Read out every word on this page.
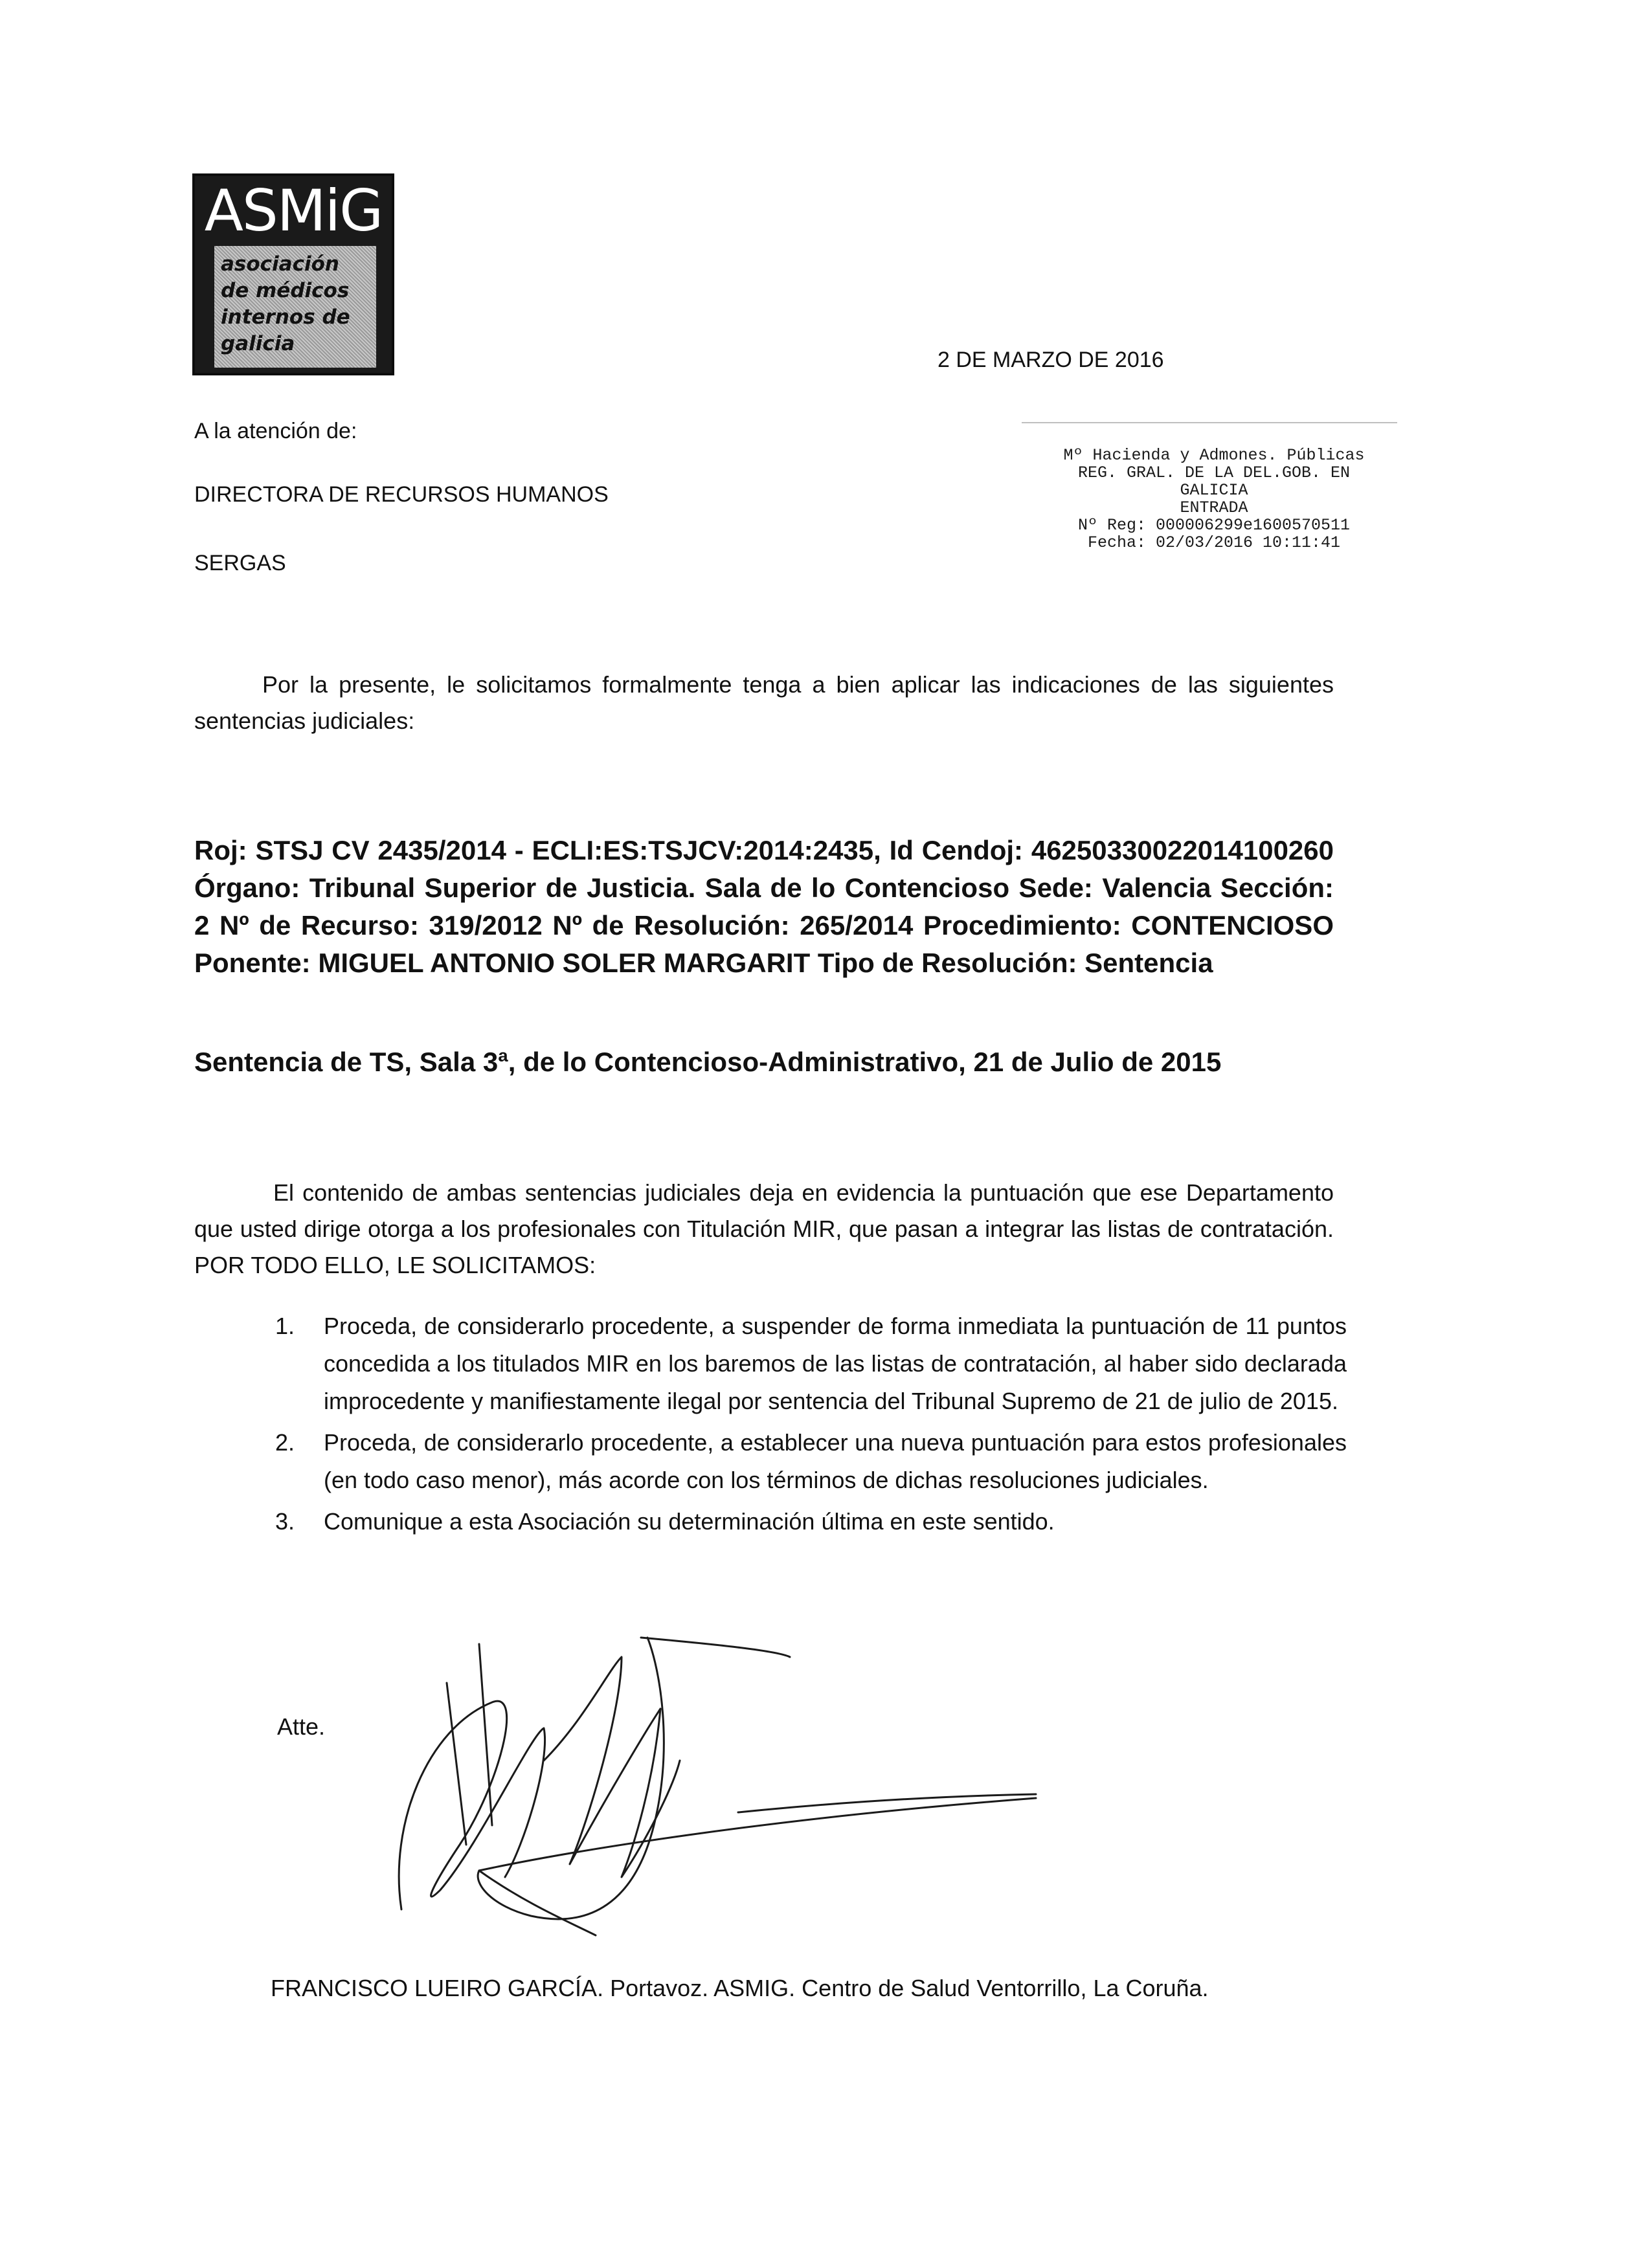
ASMiG
asociación
de médicos
internos de
galicia
2 DE MARZO DE 2016
A la atención de:
DIRECTORA DE RECURSOS HUMANOS
SERGAS
Mº Hacienda y Admones. Públicas
REG. GRAL. DE LA DEL.GOB. EN
GALICIA
ENTRADA
Nº Reg: 000006299e1600570511
Fecha: 02/03/2016 10:11:41
Por la presente, le solicitamos formalmente tenga a bien aplicar las indicaciones de las siguientes sentencias judiciales:
Roj: STSJ CV 2435/2014 - ECLI:ES:TSJCV:2014:2435, Id Cendoj: 46250330022014100260 Órgano: Tribunal Superior de Justicia. Sala de lo Contencioso Sede: Valencia Sección: 2 Nº de Recurso: 319/2012 Nº de Resolución: 265/2014 Procedimiento: CONTENCIOSO Ponente: MIGUEL ANTONIO SOLER MARGARIT Tipo de Resolución: Sentencia
Sentencia de TS, Sala 3ª, de lo Contencioso-Administrativo, 21 de Julio de 2015
El contenido de ambas sentencias judiciales deja en evidencia la puntuación que ese Departamento que usted dirige otorga a los profesionales con Titulación MIR, que pasan a integrar las listas de contratación. POR TODO ELLO, LE SOLICITAMOS:
1. Proceda, de considerarlo procedente, a suspender de forma inmediata la puntuación de 11 puntos concedida a los titulados MIR en los baremos de las listas de contratación, al haber sido declarada improcedente y manifiestamente ilegal por sentencia del Tribunal Supremo de 21 de julio de 2015.
2. Proceda, de considerarlo procedente, a establecer una nueva puntuación para estos profesionales (en todo caso menor), más acorde con los términos de dichas resoluciones judiciales.
3. Comunique a esta Asociación su determinación última en este sentido.
Atte.
FRANCISCO LUEIRO GARCÍA. Portavoz. ASMIG. Centro de Salud Ventorrillo, La Coruña.
